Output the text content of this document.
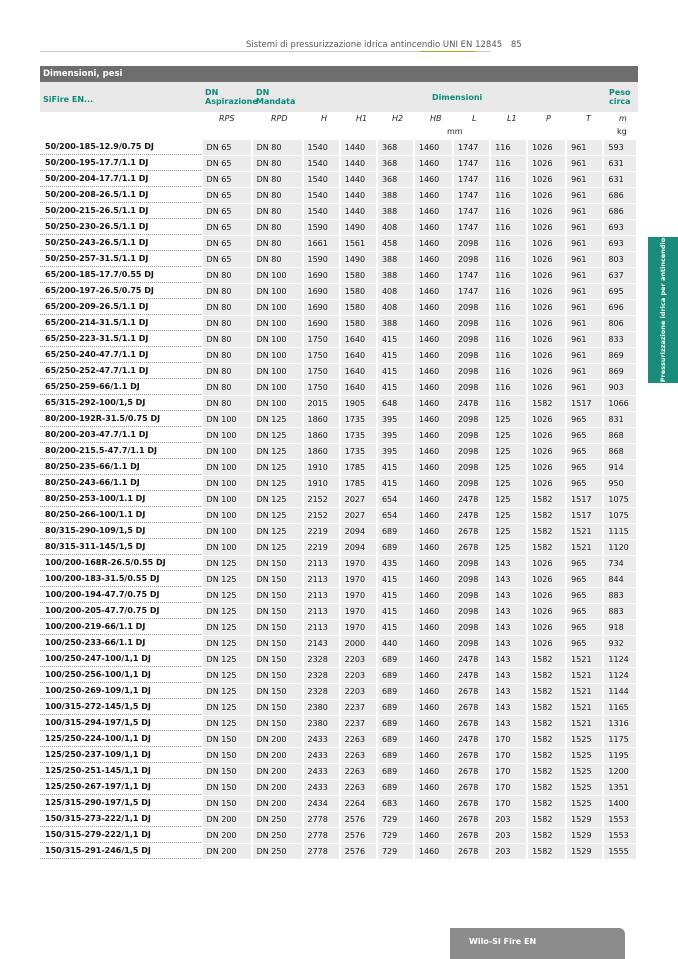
Sistemi di pressurizzazione idrica antincendio UNI EN 12845 85
Dimensioni, pesi
SiFire EN...
DN
Aspirazione
DN
Mandata	Dimensioni
Peso
circa
RPS	RPD	H	H1	H2	HB	L	L1	P	T	m
mm	kg
50/200-185-12.9/0.75 DJ	DN 65	DN 80	1540	1440	368	1460	1747	116	1026	961	593
50/200-195-17.7/1.1 DJ	DN 65	DN 80	1540	1440	368	1460	1747	116	1026	961	631
50/200-204-17.7/1.1 DJ	DN 65	DN 80	1540	1440	368	1460	1747	116	1026	961	631
50/200-208-26.5/1.1 DJ	DN 65	DN 80	1540	1440	388	1460	1747	116	1026	961	686
50/200-215-26.5/1.1 DJ	DN 65	DN 80	1540	1440	388	1460	1747	116	1026	961	686
50/250-230-26.5/1.1 DJ	DN 65	DN 80	1590	1490	408	1460	1747	116	1026	961	693
50/250-243-26.5/1.1 DJ	DN 65	DN 80	1661	1561	458	1460	2098	116	1026	961	693
50/250-257-31.5/1.1 DJ	DN 65	DN 80	1590	1490	388	1460	2098	116	1026	961	803
65/200-185-17.7/0.55 DJ	DN 80	DN 100	1690	1580	388	1460	1747	116	1026	961	637
65/200-197-26.5/0.75 DJ	DN 80	DN 100	1690	1580	408	1460	1747	116	1026	961	695
65/200-209-26.5/1.1 DJ	DN 80	DN 100	1690	1580	408	1460	2098	116	1026	961	696
65/200-214-31.5/1.1 DJ	DN 80	DN 100	1690	1580	388	1460	2098	116	1026	961	806
65/250-223-31.5/1.1 DJ	DN 80	DN 100	1750	1640	415	1460	2098	116	1026	961	833
65/250-240-47.7/1.1 DJ	DN 80	DN 100	1750	1640	415	1460	2098	116	1026	961	869
65/250-252-47.7/1.1 DJ	DN 80	DN 100	1750	1640	415	1460	2098	116	1026	961	869
65/250-259-66/1.1 DJ	DN 80	DN 100	1750	1640	415	1460	2098	116	1026	961	903
65/315-292-100/1,5 DJ	DN 80	DN 100	2015	1905	648	1460	2478	116	1582	1517	1066
80/200-192R-31.5/0.75 DJ	DN 100	DN 125	1860	1735	395	1460	2098	125	1026	965	831
80/200-203-47.7/1.1 DJ	DN 100	DN 125	1860	1735	395	1460	2098	125	1026	965	868
80/200-215.5-47.7/1.1 DJ	DN 100	DN 125	1860	1735	395	1460	2098	125	1026	965	868
80/250-235-66/1.1 DJ	DN 100	DN 125	1910	1785	415	1460	2098	125	1026	965	914
80/250-243-66/1.1 DJ	DN 100	DN 125	1910	1785	415	1460	2098	125	1026	965	950
80/250-253-100/1.1 DJ	DN 100	DN 125	2152	2027	654	1460	2478	125	1582	1517	1075
80/250-266-100/1.1 DJ	DN 100	DN 125	2152	2027	654	1460	2478	125	1582	1517	1075
80/315-290-109/1,5 DJ	DN 100	DN 125	2219	2094	689	1460	2678	125	1582	1521	1115
80/315-311-145/1,5 DJ	DN 100	DN 125	2219	2094	689	1460	2678	125	1582	1521	1120
100/200-168R-26.5/0.55 DJ	DN 125	DN 150	2113	1970	435	1460	2098	143	1026	965	734
100/200-183-31.5/0.55 DJ	DN 125	DN 150	2113	1970	415	1460	2098	143	1026	965	844
100/200-194-47.7/0.75 DJ	DN 125	DN 150	2113	1970	415	1460	2098	143	1026	965	883
100/200-205-47.7/0.75 DJ	DN 125	DN 150	2113	1970	415	1460	2098	143	1026	965	883
100/200-219-66/1.1 DJ	DN 125	DN 150	2113	1970	415	1460	2098	143	1026	965	918
100/250-233-66/1.1 DJ	DN 125	DN 150	2143	2000	440	1460	2098	143	1026	965	932
100/250-247-100/1,1 DJ	DN 125	DN 150	2328	2203	689	1460	2478	143	1582	1521	1124
100/250-256-100/1,1 DJ	DN 125	DN 150	2328	2203	689	1460	2478	143	1582	1521	1124
100/250-269-109/1,1 DJ	DN 125	DN 150	2328	2203	689	1460	2678	143	1582	1521	1144
100/315-272-145/1,5 DJ	DN 125	DN 150	2380	2237	689	1460	2678	143	1582	1521	1165
100/315-294-197/1,5 DJ	DN 125	DN 150	2380	2237	689	1460	2678	143	1582	1521	1316
125/250-224-100/1,1 DJ	DN 150	DN 200	2433	2263	689	1460	2478	170	1582	1525	1175
125/250-237-109/1,1 DJ	DN 150	DN 200	2433	2263	689	1460	2678	170	1582	1525	1195
125/250-251-145/1,1 DJ	DN 150	DN 200	2433	2263	689	1460	2678	170	1582	1525	1200
125/250-267-197/1,1 DJ	DN 150	DN 200	2433	2263	689	1460	2678	170	1582	1525	1351
125/315-290-197/1,5 DJ	DN 150	DN 200	2434	2264	683	1460	2678	170	1582	1525	1400
150/315-273-222/1,1 DJ	DN 200	DN 250	2778	2576	729	1460	2678	203	1582	1529	1553
150/315-279-222/1,1 DJ	DN 200	DN 250	2778	2576	729	1460	2678	203	1582	1529	1553
150/315-291-246/1,5 DJ	DN 200	DN 250	2778	2576	729	1460	2678	203	1582	1529	1555
Pressurizzazione idrica per antincendio
Wilo-SI Fire EN
